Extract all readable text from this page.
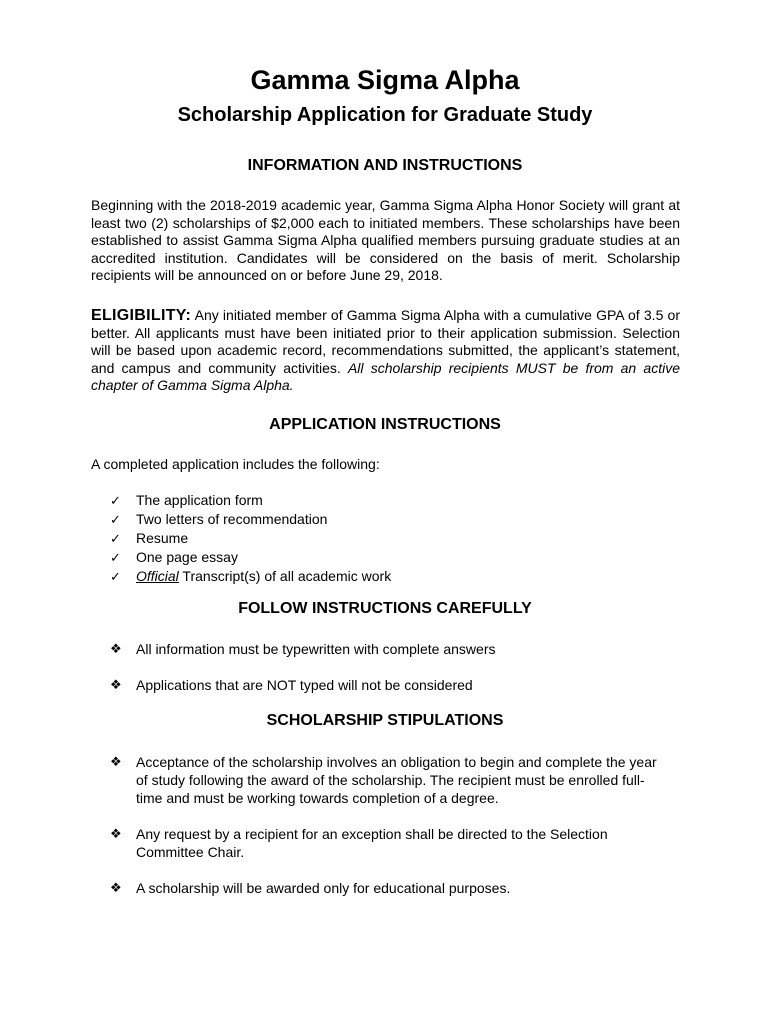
Gamma Sigma Alpha
Scholarship Application for Graduate Study
INFORMATION AND INSTRUCTIONS
Beginning with the 2018-2019 academic year, Gamma Sigma Alpha Honor Society will grant at least two (2) scholarships of $2,000 each to initiated members. These scholarships have been established to assist Gamma Sigma Alpha qualified members pursuing graduate studies at an accredited institution. Candidates will be considered on the basis of merit. Scholarship recipients will be announced on or before June 29, 2018.
ELIGIBILITY: Any initiated member of Gamma Sigma Alpha with a cumulative GPA of 3.5 or better. All applicants must have been initiated prior to their application submission. Selection will be based upon academic record, recommendations submitted, the applicant’s statement, and campus and community activities. All scholarship recipients MUST be from an active chapter of Gamma Sigma Alpha.
APPLICATION INSTRUCTIONS
A completed application includes the following:
✓	The application form
✓	Two letters of recommendation
✓	Resume
✓	One page essay
✓	Official Transcript(s) of all academic work
FOLLOW INSTRUCTIONS CAREFULLY
❖	All information must be typewritten with complete answers
❖	Applications that are NOT typed will not be considered
SCHOLARSHIP STIPULATIONS
❖	Acceptance of the scholarship involves an obligation to begin and complete the year of study following the award of the scholarship. The recipient must be enrolled full-time and must be working towards completion of a degree.
❖	Any request by a recipient for an exception shall be directed to the Selection Committee Chair.
❖	A scholarship will be awarded only for educational purposes.
